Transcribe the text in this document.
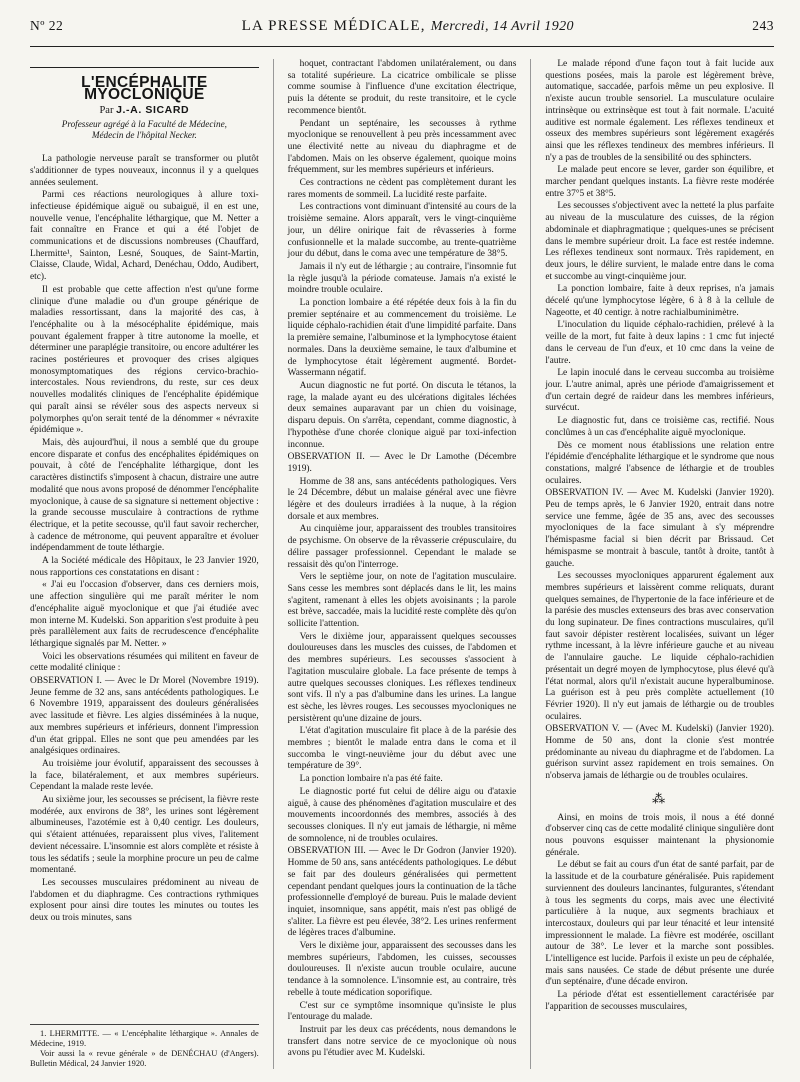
Nº 22	LA PRESSE MÉDICALE, Mercredi, 14 Avril 1920	243
L'ENCÉPHALITE MYOCLONIQUE
Par J.-A. SICARD
Professeur agrégé à la Faculté de Médecine,
Médecin de l'hôpital Necker.

La pathologie nerveuse paraît se transformer ou plutôt s'additionner de types nouveaux, inconnus il y a quelques années seulement.

Parmi ces réactions neurologiques à allure toxi-infectieuse épidémique aiguë ou subaiguë, il en est une, nouvelle venue, l'encéphalite léthargique, que M. Netter a fait connaître en France et qui a été l'objet de communications et de discussions nombreuses (Chauffard, Lhermitte¹, Sainton, Lesné, Souques, de Saint-Martin, Claisse, Claude, Widal, Achard, Denéchau, Oddo, Audibert, etc).

Il est probable que cette affection n'est qu'une forme clinique d'une maladie ou d'un groupe générique de maladies ressortissant, dans la majorité des cas, à l'encéphalite ou à la mésocéphalite épidémique, mais pouvant également frapper à titre autonome la moelle, et déterminer une paraplégie transitoire, ou encore adultérer les racines postérieures et provoquer des crises algiques monosymptomatiques des régions cervico-brachio-intercostales. Nous reviendrons, du reste, sur ces deux nouvelles modalités cliniques de l'encéphalite épidémique qui paraît ainsi se révéler sous des aspects nerveux si polymorphes qu'on serait tenté de la dénommer « névraxite épidémique ».

Mais, dès aujourd'hui, il nous a semblé que du groupe encore disparate et confus des encéphalites épidémiques on pouvait, à côté de l'encéphalite léthargique, dont les caractères distinctifs s'imposent à chacun, distraire une autre modalité que nous avons proposé de dénommer l'encéphalite myoclonique, à cause de sa signature si nettement objective : la grande secousse musculaire à contractions de rythme électrique, et la petite secousse, qu'il faut savoir rechercher, à cadence de métronome, qui peuvent apparaître et évoluer indépendamment de toute léthargie.

A la Société médicale des Hôpitaux, le 23 Janvier 1920, nous rapportions ces constatations en disant :

« J'ai eu l'occasion d'observer, dans ces derniers mois, une affection singulière qui me paraît mériter le nom d'encéphalite aiguë myoclonique et que j'ai étudiée avec mon interne M. Kudelski. Son apparition s'est produite à peu près parallèlement aux faits de recrudescence d'encéphalite léthargique signalés par M. Netter. »

Voici les observations résumées qui militent en faveur de cette modalité clinique :

OBSERVATION I. — Avec le Dr Morel (Novembre 1919). Jeune femme de 32 ans, sans antécédents pathologiques. Le 6 Novembre 1919, apparaissent des douleurs généralisées avec lassitude et fièvre. Les algies disséminées à la nuque, aux membres supérieurs et inférieurs, donnent l'impression d'un état grippal. Elles ne sont que peu amendées par les analgésiques ordinaires.

Au troisième jour évolutif, apparaissent des secousses à la face, bilatéralement, et aux membres supérieurs. Cependant la malade reste levée.

Au sixième jour, les secousses se précisent, la fièvre reste modérée, aux environs de 38°, les urines sont légèrement albumineuses, l'azotémie est à 0,40 centigr. Les douleurs, qui s'étaient atténuées, reparaissent plus vives, l'alitement devient nécessaire. L'insomnie est alors complète et résiste à tous les sédatifs ; seule la morphine procure un peu de calme momentané.

Les secousses musculaires prédominent au niveau de l'abdomen et du diaphragme. Ces contractions rythmiques explosent pour ainsi dire toutes les minutes ou toutes les deux ou trois minutes, sans

1. LHERMITTE. — « L'encéphalite léthargique ». Annales de Médecine, 1919.
Voir aussi la « revue générale » de DENÉCHAU (d'Angers). Bulletin Médical, 24 Janvier 1920.

hoquet, contractant l'abdomen unilatéralement, ou dans sa totalité supérieure. La cicatrice ombilicale se plisse comme soumise à l'influence d'une excitation électrique, puis la détente se produit, du reste transitoire, et le cycle recommence bientôt.

Pendant un septénaire, les secousses à rythme myoclonique se renouvellent à peu près incessamment avec une électivité nette au niveau du diaphragme et de l'abdomen. Mais on les observe également, quoique moins fréquemment, sur les membres supérieurs et inférieurs.

Ces contractions ne cèdent pas complètement durant les rares moments de sommeil. La lucidité reste parfaite.

Les contractions vont diminuant d'intensité au cours de la troisième semaine. Alors apparaît, vers le vingt-cinquième jour, un délire onirique fait de rêvasseries à forme confusionnelle et la malade succombe, au trente-quatrième jour du début, dans le coma avec une température de 38°5.

Jamais il n'y eut de léthargie ; au contraire, l'insomnie fut la règle jusqu'à la période comateuse. Jamais n'a existé le moindre trouble oculaire.

La ponction lombaire a été répétée deux fois à la fin du premier septénaire et au commencement du troisième. Le liquide céphalo-rachidien était d'une limpidité parfaite. Dans la première semaine, l'albuminose et la lymphocytose étaient normales. Dans la deuxième semaine, le taux d'albumine et de lymphocytose était légèrement augmenté. Bordet-Wassermann négatif.

Aucun diagnostic ne fut porté. On discuta le tétanos, la rage, la malade ayant eu des ulcérations digitales léchées deux semaines auparavant par un chien du voisinage, disparu depuis. On s'arrêta, cependant, comme diagnostic, à l'hypothèse d'une chorée clonique aiguë par toxi-infection inconnue.

OBSERVATION II. — Avec le Dr Lamothe (Décembre 1919).

Homme de 38 ans, sans antécédents pathologiques. Vers le 24 Décembre, début un malaise général avec une fièvre légère et des douleurs irradiées à la nuque, à la région dorsale et aux membres.

Au cinquième jour, apparaissent des troubles transitoires de psychisme. On observe de la rêvasserie crépusculaire, du délire passager professionnel. Cependant le malade se ressaisit dès qu'on l'interroge.

Vers le septième jour, on note de l'agitation musculaire. Sans cesse les membres sont déplacés dans le lit, les mains s'agitent, ramenant à elles les objets avoisinants ; la parole est brève, saccadée, mais la lucidité reste complète dès qu'on sollicite l'attention.

Vers le dixième jour, apparaissent quelques secousses douloureuses dans les muscles des cuisses, de l'abdomen et des membres supérieurs. Les secousses s'associent à l'agitation musculaire globale. La face présente de temps à autre quelques secousses cloniques. Les réflexes tendineux sont vifs. Il n'y a pas d'albumine dans les urines. La langue est sèche, les lèvres rouges. Les secousses myocloniques ne persistèrent qu'une dizaine de jours.

L'état d'agitation musculaire fit place à de la parésie des membres ; bientôt le malade entra dans le coma et il succomba le vingt-neuvième jour du début avec une température de 39°.

La ponction lombaire n'a pas été faite.

Le diagnostic porté fut celui de délire aigu ou d'ataxie aiguë, à cause des phénomènes d'agitation musculaire et des mouvements incoordonnés des membres, associés à des secousses cloniques. Il n'y eut jamais de léthargie, ni même de somnolence, ni de troubles oculaires.

OBSERVATION III. — Avec le Dr Godron (Janvier 1920). Homme de 50 ans, sans antécédents pathologiques. Le début se fait par des douleurs généralisées qui permettent cependant pendant quelques jours la continuation de la tâche professionnelle d'employé de bureau. Puis le malade devient inquiet, insomnique, sans appétit, mais n'est pas obligé de s'aliter. La fièvre est peu élevée, 38°2. Les urines renferment de légères traces d'albumine.

Vers le dixième jour, apparaissent des secousses dans les membres supérieurs, l'abdomen, les cuisses, secousses douloureuses. Il n'existe aucun trouble oculaire, aucune tendance à la somnolence. L'insomnie est, au contraire, très rebelle à toute médication soporifique.

C'est sur ce symptôme insomnique qu'insiste le plus l'entourage du malade.

Instruit par les deux cas précédents, nous demandons le transfert dans notre service de ce myoclonique où nous avons pu l'étudier avec M. Kudelski.

Le malade répond d'une façon tout à fait lucide aux questions posées, mais la parole est légèrement brève, automatique, saccadée, parfois même un peu explosive. Il n'existe aucun trouble sensoriel. La musculature oculaire intrinsèque ou extrinsèque est tout à fait normale. L'acuité auditive est normale également. Les réflexes tendineux et osseux des membres supérieurs sont légèrement exagérés ainsi que les réflexes tendineux des membres inférieurs. Il n'y a pas de troubles de la sensibilité ou des sphincters.

Le malade peut encore se lever, garder son équilibre, et marcher pendant quelques instants. La fièvre reste modérée entre 37°5 et 38°5.

Les secousses s'objectivent avec la netteté la plus parfaite au niveau de la musculature des cuisses, de la région abdominale et diaphragmatique ; quelques-unes se précisent dans le membre supérieur droit. La face est restée indemne. Les réflexes tendineux sont normaux. Très rapidement, en deux jours, le délire survient, le malade entre dans le coma et succombe au vingt-cinquième jour.

La ponction lombaire, faite à deux reprises, n'a jamais décelé qu'une lymphocytose légère, 6 à 8 à la cellule de Nageotte, et 40 centigr. à notre rachialbuminimètre.

L'inoculation du liquide céphalo-rachidien, prélevé à la veille de la mort, fut faite à deux lapins : 1 cmc fut injecté dans le cerveau de l'un d'eux, et 10 cmc dans la veine de l'autre.

Le lapin inoculé dans le cerveau succomba au troisième jour. L'autre animal, après une période d'amaigrissement et d'un certain degré de raideur dans les membres inférieurs, survécut.

Le diagnostic fut, dans ce troisième cas, rectifié. Nous conclûmes à un cas d'encéphalite aiguë myoclonique.

Dès ce moment nous établissions une relation entre l'épidémie d'encéphalite léthargique et le syndrome que nous constations, malgré l'absence de léthargie et de troubles oculaires.

OBSERVATION IV. — Avec M. Kudelski (Janvier 1920). Peu de temps après, le 6 Janvier 1920, entrait dans notre service une femme, âgée de 35 ans, avec des secousses myocloniques de la face simulant à s'y méprendre l'hémispasme facial si bien décrit par Brissaud. Cet hémispasme se montrait à bascule, tantôt à droite, tantôt à gauche.

Les secousses myocloniques apparurent également aux membres supérieurs et laissèrent comme reliquats, durant quelques semaines, de l'hypertonie de la face inférieure et de la parésie des muscles extenseurs des bras avec conservation du long supinateur. De fines contractions musculaires, qu'il faut savoir dépister restèrent localisées, suivant un léger rythme incessant, à la lèvre inférieure gauche et au niveau de l'annulaire gauche. Le liquide céphalo-rachidien présentait un degré moyen de lymphocytose, plus élevé qu'à l'état normal, alors qu'il n'existait aucune hyperalbuminose. La guérison est à peu près complète actuellement (10 Février 1920). Il n'y eut jamais de léthargie ou de troubles oculaires.

OBSERVATION V. — (Avec M. Kudelski) (Janvier 1920). Homme de 50 ans, dont la clonie s'est montrée prédominante au niveau du diaphragme et de l'abdomen. La guérison survint assez rapidement en trois semaines. On n'observa jamais de léthargie ou de troubles oculaires.

⁂

Ainsi, en moins de trois mois, il nous a été donné d'observer cinq cas de cette modalité clinique singulière dont nous pouvons esquisser maintenant la physionomie générale.

Le début se fait au cours d'un état de santé parfait, par de la lassitude et de la courbature généralisée. Puis rapidement surviennent des douleurs lancinantes, fulgurantes, s'étendant à tous les segments du corps, mais avec une électivité particulière à la nuque, aux segments brachiaux et intercostaux, douleurs qui par leur ténacité et leur intensité impressionnent le malade. La fièvre est modérée, oscillant autour de 38°. Le lever et la marche sont possibles. L'intelligence est lucide. Parfois il existe un peu de céphalée, mais sans nausées. Ce stade de début présente une durée d'un septénaire, d'une décade environ.

La période d'état est essentiellement caractérisée par l'apparition de secousses musculaires,
